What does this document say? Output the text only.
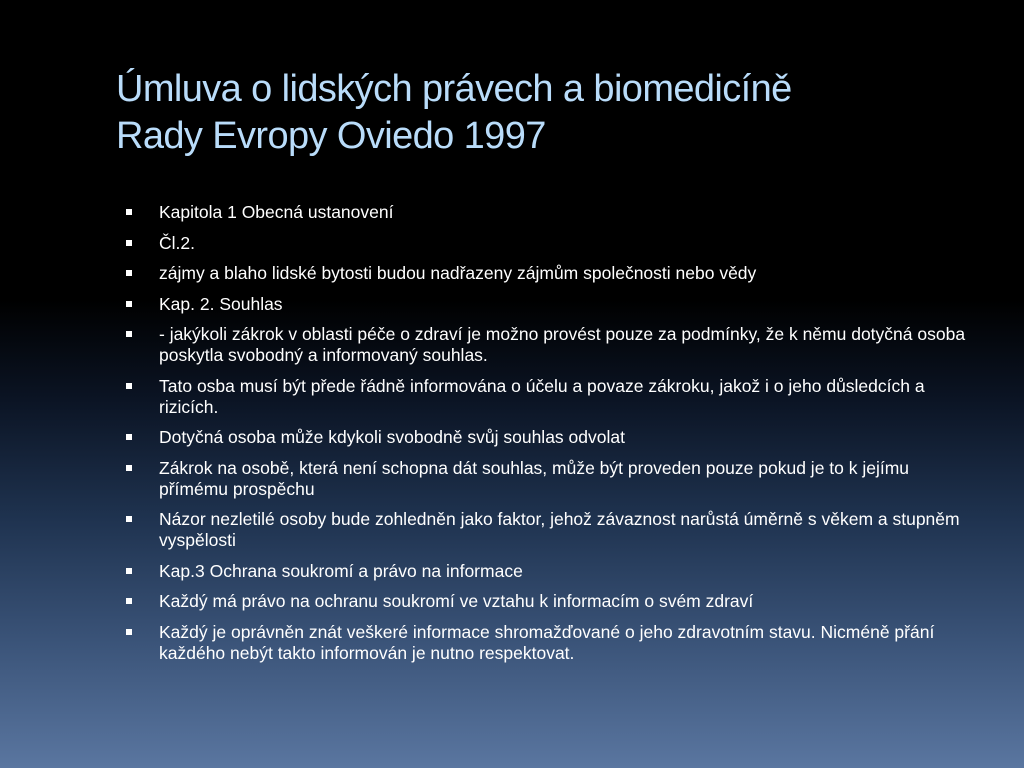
Úmluva o lidských právech a biomedicíně
Rady Evropy Oviedo 1997
Kapitola 1 Obecná ustanovení
Čl.2.
zájmy a blaho lidské bytosti budou nadřazeny zájmům společnosti nebo vědy
Kap. 2. Souhlas
- jakýkoli zákrok v oblasti péče o zdraví je možno provést pouze za podmínky, že k němu dotyčná osoba poskytla svobodný a informovaný souhlas.
Tato osba musí být přede řádně informována o účelu a povaze zákroku, jakož i o jeho důsledcích a rizicích.
Dotyčná osoba může kdykoli svobodně svůj souhlas odvolat
Zákrok na osobě, která není schopna dát souhlas, může být proveden pouze pokud je to k jejímu přímému prospěchu
Názor nezletilé osoby bude zohledněn jako faktor, jehož závaznost narůstá úměrně s věkem a stupněm vyspělosti
Kap.3 Ochrana soukromí a právo na informace
Každý má právo na ochranu soukromí ve vztahu k informacím o svém zdraví
Každý je oprávněn znát veškeré informace shromažďované o jeho zdravotním stavu. Nicméně přání každého nebýt takto informován je nutno respektovat.
